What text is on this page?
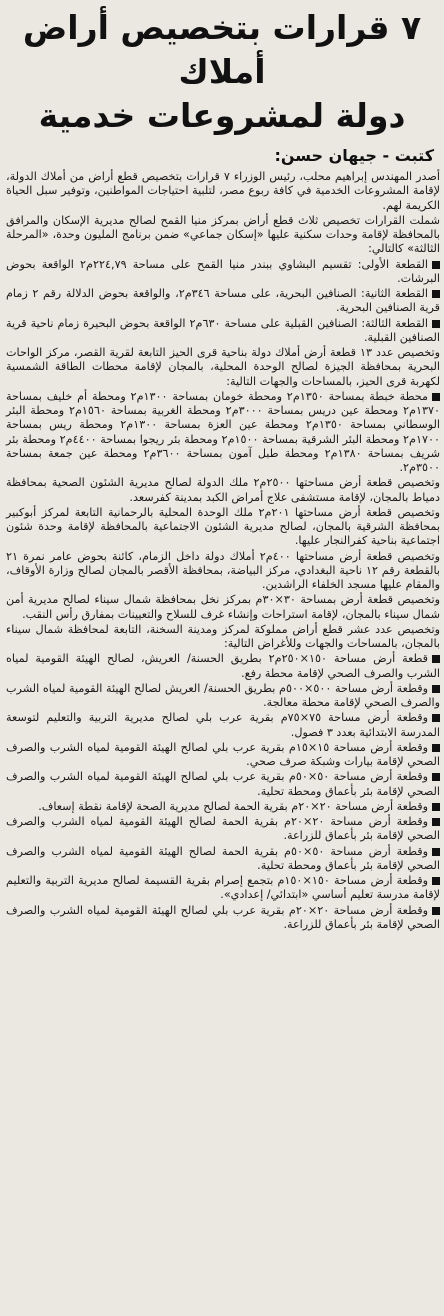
٧ قرارات بتخصيص أراض أملاك
دولة لمشروعات خدمية
كتبت - جيهان حسن:

أصدر المهندس إبراهيم محلب، رئيس الوزراء ٧ قرارات بتخصيص قطع أراض من أملاك الدولة، لإقامة المشروعات الخدمية في كافة ربوع مصر، لتلبية احتياجات المواطنين، وتوفير سبل الحياة الكريمة لهم.

شملت القرارات تخصيص ثلاث قطع أراض بمركز منيا القمح لصالح مديرية الإسكان والمرافق بالمحافظة لإقامة وحدات سكنية عليها «إسكان جماعي» ضمن برنامج المليون وحدة، «المرحلة الثالثة» كالتالي:

القطعة الأولى: تقسيم البشاوي ببندر منيا القمح على مساحة ٢٢٤,٧٩م٢ الواقعة بحوض البرشات.

القطعة الثانية: الصنافين البحرية، على مساحة ٣٤٦م٢، والواقعة بحوض الدلالة رقم ٢ زمام قرية الصنافين البحرية.

القطعة الثالثة: الصنافين القبلية على مساحة ٦٣٠م٢ الواقعة بحوض البحيرة زمام ناحية قرية الصنافين القبلية.

وتخصيص عدد ١٣ قطعة أرض أملاك دولة بناحية قرى الحيز التابعة لقرية القصر، مركز الواحات البحرية بمحافظة الجيزة لصالح الوحدة المحلية، بالمجان لإقامة محطات الطاقة الشمسية لكهربة قرى الحيز، بالمساحات والجهات التالية:

محطة خبطة بمساحة ١٣٥٠م٢ ومحطة خومان بمساحة ١٣٠٠م٢ ومحطة أم خليف بمساحة ١٣٧٠م٢ ومحطة عين دريس بمساحة ٣٠٠٠م٢ ومحطة الغربية بمساحة ١٥٦٠م٢ ومحطة البئر الوسطاني بمساحة ١٣٥٠م٢ ومحطة عين العزة بمساحة ١٣٠٠م٢ ومحطة ريس بمساحة ١٧٠٠م٢ ومحطة البئر الشرقية بمساحة ١٥٠٠م٢ ومحطة بئر ريجوا بمساحة ٤٤٠٠م٢ ومحطة بئر شريف بمساحة ١٣٨٠م٢ ومحطة طبل آمون بمساحة ٣٦٠٠م٢ ومحطة عين جمعة بمساحة ٣٥٠٠م٢.

وتخصيص قطعة أرض مساحتها ٢٥٠٠م٢ ملك الدولة لصالح مديرية الشئون الصحية بمحافظة دمياط بالمجان، لإقامة مستشفى علاج أمراض الكبد بمدينة كفرسعد.

وتخصيص قطعة أرض مساحتها ٢٠١م٢ ملك الوحدة المحلية بالرحمانية التابعة لمركز أبوكبير بمحافظة الشرقية بالمجان، لصالح مديرية الشئون الاجتماعية بالمحافظة لإقامة وحدة شئون اجتماعية بناحية كفرالنجار عليها.

وتخصيص قطعة أرض مساحتها ٤٠٠م٢ أملاك دولة داخل الزمام، كائنة بحوض عامر نمرة ٢١ بالقطعة رقم ١٢ ناحية البغدادي، مركز البياضة، بمحافظة الأقصر بالمجان لصالح وزارة الأوقاف، والمقام عليها مسجد الخلفاء الراشدين.

وتخصيص قطعة أرض بمساحة ٣٠×٣٠م بمركز نخل بمحافظة شمال سيناء لصالح مديرية أمن شمال سيناء بالمجان، لإقامة استراحات وإنشاء غرف للسلاح والتعيينات بمفارق رأس النقب.

وتخصيص عدد عشر قطع أراض مملوكة لمركز ومدينة السخنة، التابعة لمحافظة شمال سيناء بالمجان، بالمساحات والجهات وللأغراض التالية:

قطعة أرض مساحة ١٥٠×٢٥٠م٢ بطريق الحسنة/ العريش، لصالح الهيئة القومية لمياه الشرب والصرف الصحي لإقامة محطة رفع.

وقطعة أرض مساحة ٥٠٠×٥٠٠م بطريق الحسنة/ العريش لصالح الهيئة القومية لمياه الشرب والصرف الصحي لإقامة محطة معالجة.

وقطعة أرض مساحة ٧٥×٧٥م بقرية عرب بلي لصالح مديرية التربية والتعليم لتوسعة المدرسة الابتدائية بعدد ٣ فصول.

وقطعة أرض مساحة ١٥×١٥م بقرية عرب بلي لصالح الهيئة القومية لمياه الشرب والصرف الصحي لإقامة بيارات وشبكة صرف صحي.

وقطعة أرض مساحة ٥٠×٥٠م بقرية عرب بلي لصالح الهيئة القومية لمياه الشرب والصرف الصحي لإقامة بئر بأعماق ومحطة تحلية.

وقطعة أرض مساحة ٢٠×٢٠م بقرية الحمة لصالح مديرية الصحة لإقامة نقطة إسعاف.

وقطعة أرض مساحة ٢٠×٢٠م بقرية الحمة لصالح الهيئة القومية لمياه الشرب والصرف الصحي لإقامة بئر بأعماق للزراعة.

وقطعة أرض مساحة ٥٠×٥٠م بقرية الحمة لصالح الهيئة القومية لمياه الشرب والصرف الصحي لإقامة بئر بأعماق ومحطة تحلية.

وقطعة أرض مساحة ١٥٠×١٥٠م بتجمع إصرام بقرية القسيمة لصالح مديرية التربية والتعليم لإقامة مدرسة تعليم أساسي «ابتدائي/ إعدادي».

وقطعة أرض مساحة ٢٠×٢٠م بقرية عرب بلي لصالح الهيئة القومية لمياه الشرب والصرف الصحي لإقامة بئر بأعماق للزراعة.
